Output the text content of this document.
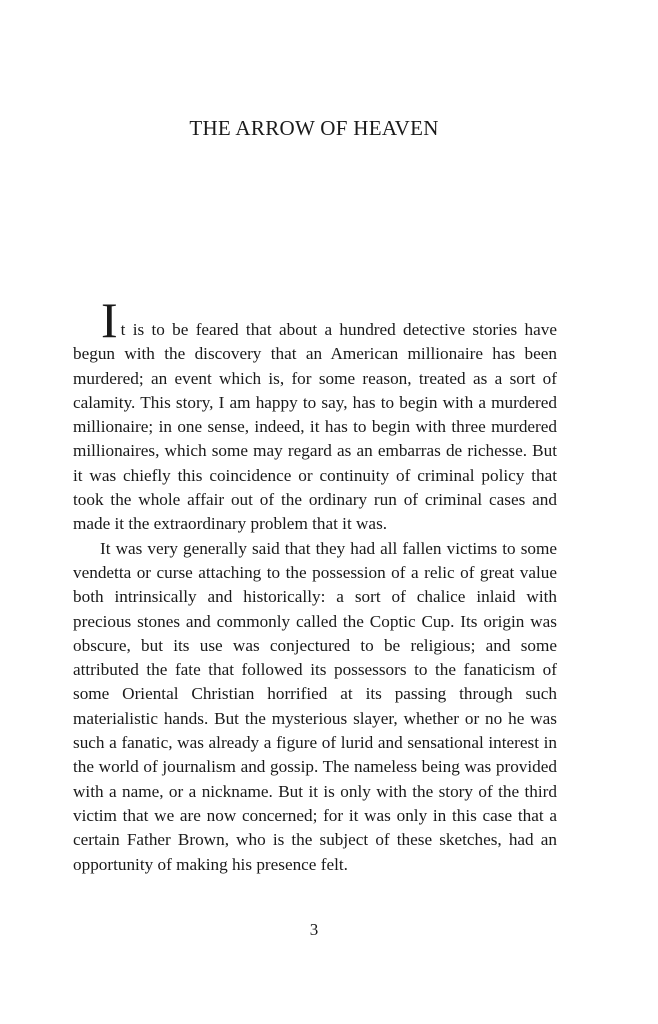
THE ARROW OF HEAVEN

It is to be feared that about a hundred detective stories have begun with the discovery that an American millionaire has been murdered; an event which is, for some reason, treated as a sort of calamity. This story, I am happy to say, has to begin with a murdered millionaire; in one sense, indeed, it has to begin with three murdered millionaires, which some may regard as an embarras de richesse. But it was chiefly this coincidence or continuity of criminal policy that took the whole affair out of the ordinary run of criminal cases and made it the extraordinary problem that it was.

It was very generally said that they had all fallen victims to some vendetta or curse attaching to the possession of a relic of great value both intrinsically and historically: a sort of chalice inlaid with precious stones and commonly called the Coptic Cup. Its origin was obscure, but its use was conjectured to be religious; and some attributed the fate that followed its possessors to the fanaticism of some Oriental Christian horrified at its passing through such materialistic hands. But the mysterious slayer, whether or no he was such a fanatic, was already a figure of lurid and sensational interest in the world of journalism and gossip. The nameless being was provided with a name, or a nickname. But it is only with the story of the third victim that we are now concerned; for it was only in this case that a certain Father Brown, who is the subject of these sketches, had an opportunity of making his presence felt.

3
